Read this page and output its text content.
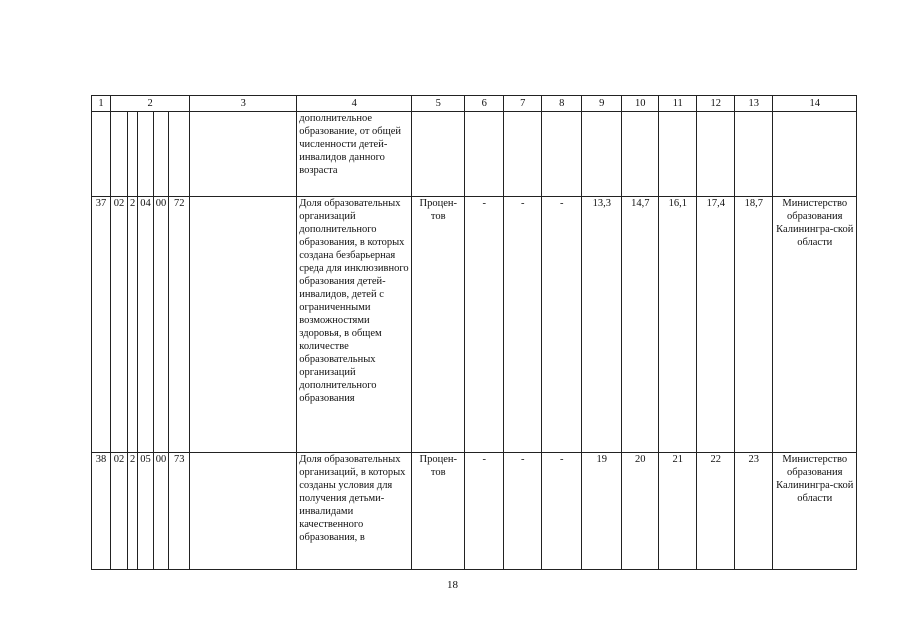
1	2					3	4	5	6	7	8	9	10	11	12	13	14
							дополнительное образование, от общей численности детей-инвалидов данного возраста										
37	02	2	04	00	72		Доля образовательных организаций дополнительного образования, в которых создана безбарьерная среда для инклюзивного образования детей-инвалидов, детей с ограниченными возможностями здоровья, в общем количестве образовательных организаций дополнительного образования	Процен-тов	-	-	-	13,3	14,7	16,1	17,4	18,7	Министерство образования Калинингра-ской области
38	02	2	05	00	73		Доля образовательных организаций, в которых созданы условия для получения детьми-инвалидами качественного образования, в	Процен-тов	-	-	-	19	20	21	22	23	Министерство образования Калинингра-ской области
18
